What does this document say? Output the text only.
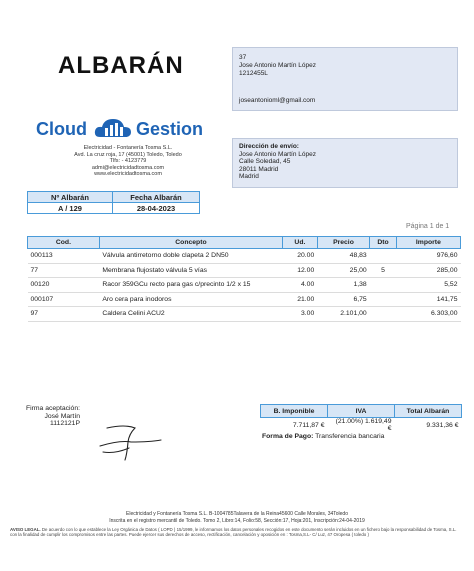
ALBARÁN	37
Jose Antonio Martín López
1212455L
joseantonioml@gmail.com
Cloud	Gestion
Electricidad - Fontanería Tosma S.L.
Avd. La cruz roja, 17 (45001) Toledo, Toledo
Tlfs: - 4123779
admi@electricidadtosma.com
www.electricidadtosma.com
Dirección de envío:
Jose Antonio Martín López
Calle Soledad, 45
28011 Madrid
Madrid
Nº Albarán	Fecha Albarán
A / 129	28-04-2023
Página 1 de 1
Cod.	Concepto	Ud.	Precio	Dto	Importe
000113	Válvula antirretorno doble clapeta 2 DN50	20.00	48,83		976,60
77	Membrana flujostato válvula 5 vías	12.00	25,00	5	285,00
00120	Racor 359GCu recto para gas c/precinto 1/2 x 15	4.00	1,38		5,52
000107	Aro cera para inodoros	21.00	6,75		141,75
97	Caldera Celini ACU2	3.00	2.101,00		6.303,00
Firma aceptación:
José Martín
1112121P
B. Imponible	IVA	Total Albarán
7.711,87 €	(21.00%) 1.619,49 €	9.331,36 €
Forma de Pago: Transferencia bancaria
Electricidad y Fontanería Tosma S.L. B-1004785Talavera de la Reina45600 Calle Morales, 34Toledo
Inscrita en el registro mercantil de Toledo. Tomo 2, Libro:14, Folio:58, Sección:17, Hoja:201, Inscripción:24-04-2019
AVISO LEGAL. De acuerdo con lo que establece la Ley Orgánica de Datos ( LOPD ) 15/1999, le informamos los datos personales recogidos en este documento serán incluidos en un fichero bajo la responsabilidad de Tosma, S.L. con la finalidad de cumplir los compromisos entre las partes. Puede ejercer sus derechos de acceso, rectificación, cancelación y oposición en : Tosma,S.L- C/ Luz, 47 Oropesa ( toledo )
